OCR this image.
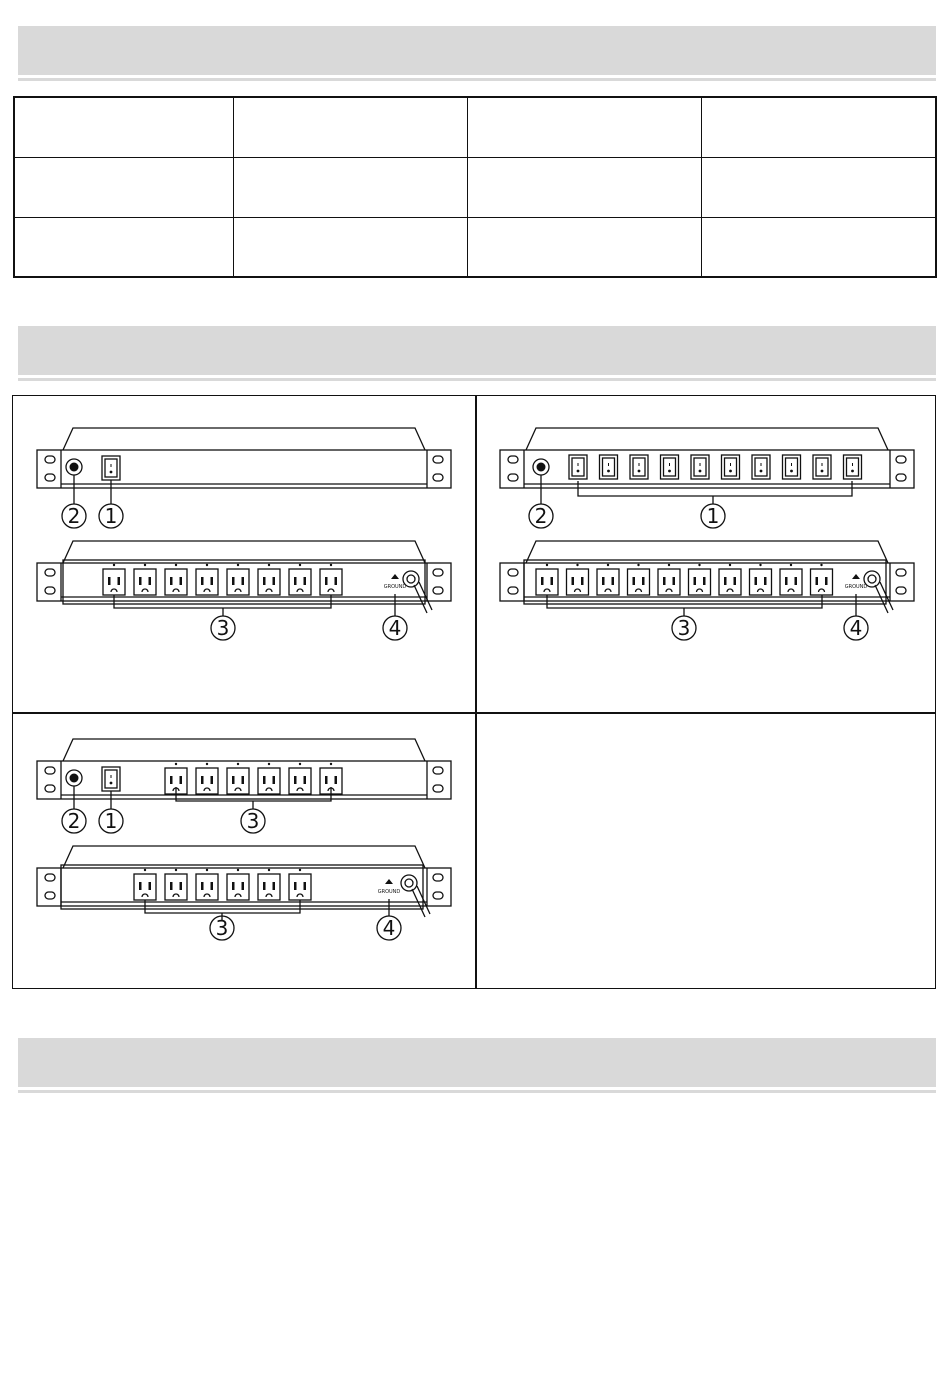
2 1
3
GROUND
4
2	1
3
GROUND
4
2 1	3
3
GROUND
4
